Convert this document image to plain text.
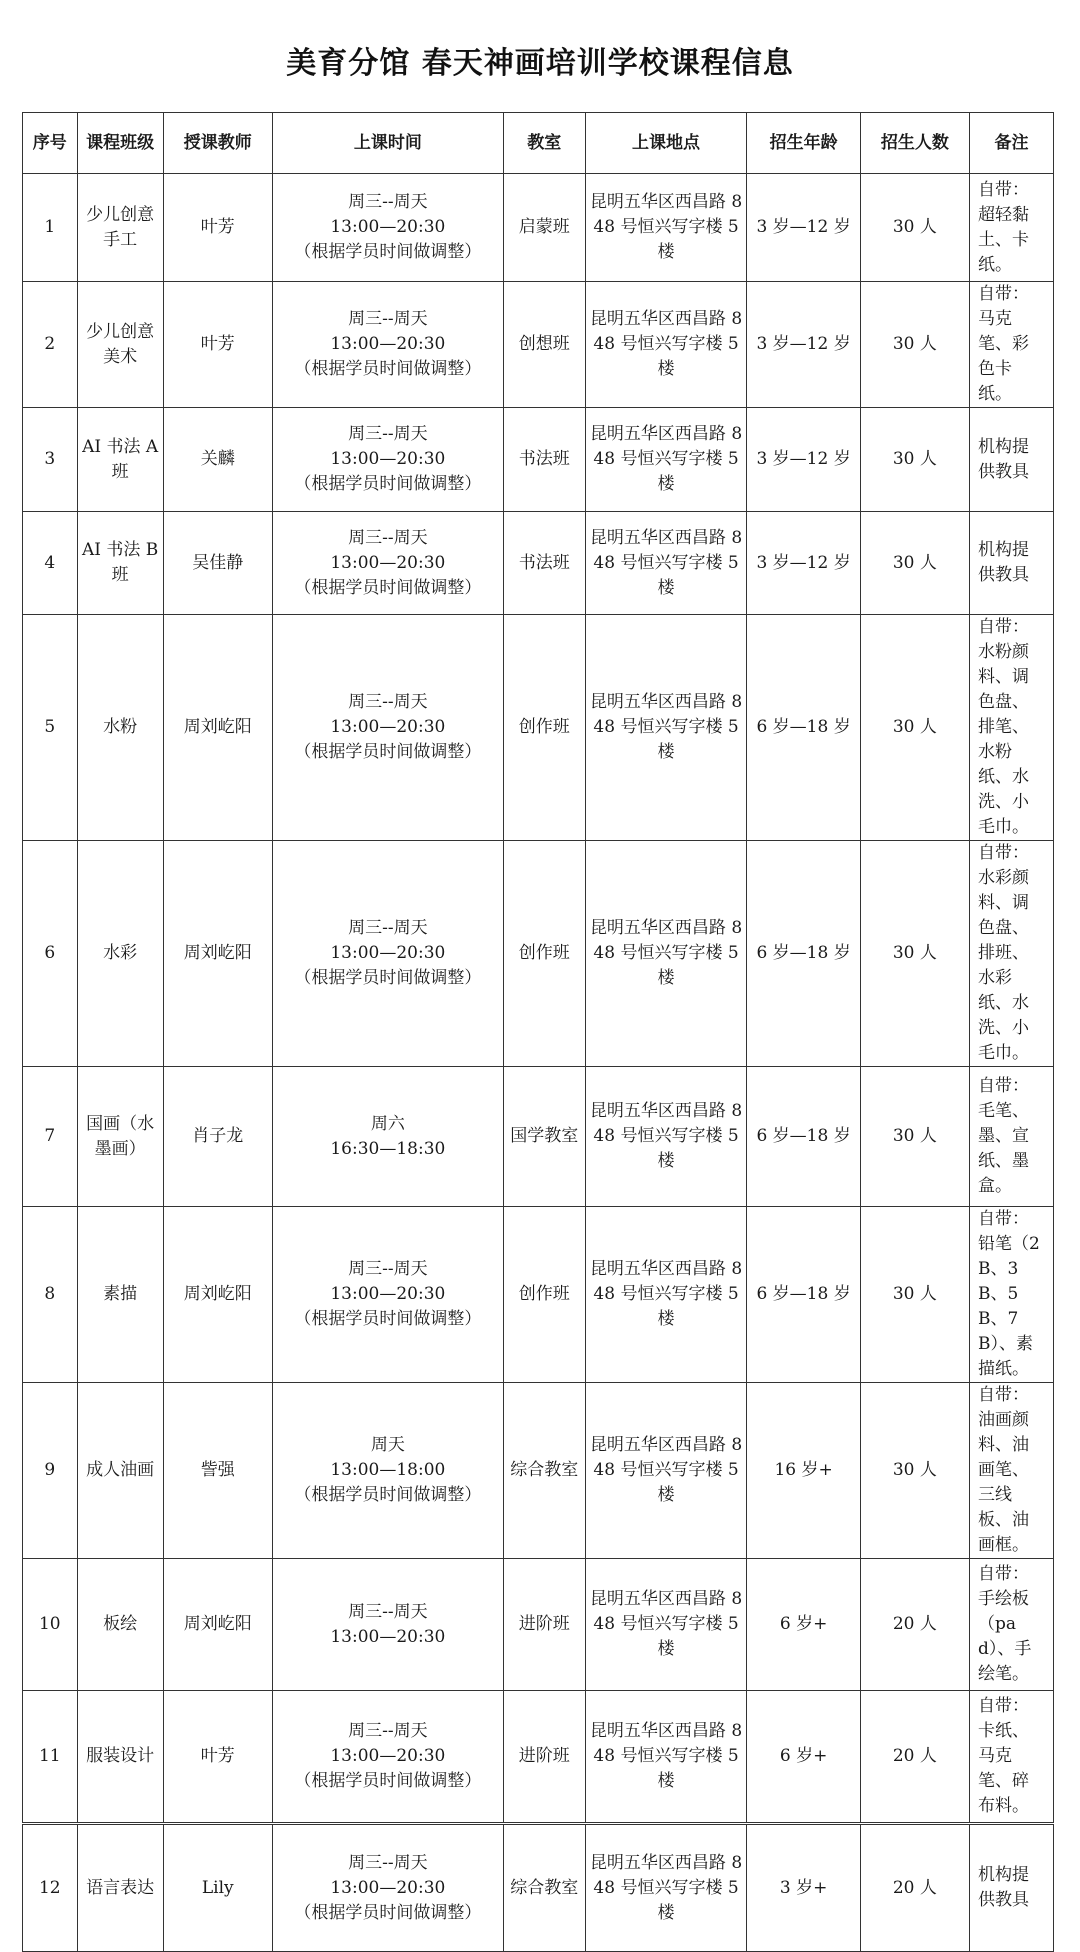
美育分馆 春天神画培训学校课程信息
序号	课程班级	授课教师	上课时间	教室	上课地点	招生年龄	招生人数	备注
1	少儿创意手工	叶芳	周三--周天
13:00—20:30
（根据学员时间做调整）	启蒙班	昆明五华区西昌路 848 号恒兴写字楼 5 楼	3 岁—12 岁	30 人	自带：超轻黏土、卡纸。
2	少儿创意美术	叶芳	周三--周天
13:00—20:30
（根据学员时间做调整）	创想班	昆明五华区西昌路 848 号恒兴写字楼 5 楼	3 岁—12 岁	30 人	自带：马克笔、彩色卡纸。
3	AI 书法 A 班	关麟	周三--周天
13:00—20:30
（根据学员时间做调整）	书法班	昆明五华区西昌路 848 号恒兴写字楼 5 楼	3 岁—12 岁	30 人	机构提供教具
4	AI 书法 B 班	吴佳静	周三--周天
13:00—20:30
（根据学员时间做调整）	书法班	昆明五华区西昌路 848 号恒兴写字楼 5 楼	3 岁—12 岁	30 人	机构提供教具
5	水粉	周刘屹阳	周三--周天
13:00—20:30
（根据学员时间做调整）	创作班	昆明五华区西昌路 848 号恒兴写字楼 5 楼	6 岁—18 岁	30 人	自带：水粉颜料、调色盘、排笔、水粉纸、水洗、小毛巾。
6	水彩	周刘屹阳	周三--周天
13:00—20:30
（根据学员时间做调整）	创作班	昆明五华区西昌路 848 号恒兴写字楼 5 楼	6 岁—18 岁	30 人	自带：水彩颜料、调色盘、排班、水彩纸、水洗、小毛巾。
7	国画（水墨画）	肖子龙	周六
16:30—18:30	国学教室	昆明五华区西昌路 848 号恒兴写字楼 5 楼	6 岁—18 岁	30 人	自带：毛笔、墨、宣纸、墨盒。
8	素描	周刘屹阳	周三--周天
13:00—20:30
（根据学员时间做调整）	创作班	昆明五华区西昌路 848 号恒兴写字楼 5 楼	6 岁—18 岁	30 人	自带：铅笔（2B、3B、5B、7B）、素描纸。
9	成人油画	訾强	周天
13:00—18:00
（根据学员时间做调整）	综合教室	昆明五华区西昌路 848 号恒兴写字楼 5 楼	16 岁+	30 人	自带：油画颜料、油画笔、三线板、油画框。
10	板绘	周刘屹阳	周三--周天
13:00—20:30	进阶班	昆明五华区西昌路 848 号恒兴写字楼 5 楼	6 岁+	20 人	自带：手绘板（pad）、手绘笔。
11	服装设计	叶芳	周三--周天
13:00—20:30
（根据学员时间做调整）	进阶班	昆明五华区西昌路 848 号恒兴写字楼 5 楼	6 岁+	20 人	自带：卡纸、马克笔、碎布料。
12	语言表达	Lily	周三--周天
13:00—20:30
（根据学员时间做调整）	综合教室	昆明五华区西昌路 848 号恒兴写字楼 5 楼	3 岁+	20 人	机构提供教具
